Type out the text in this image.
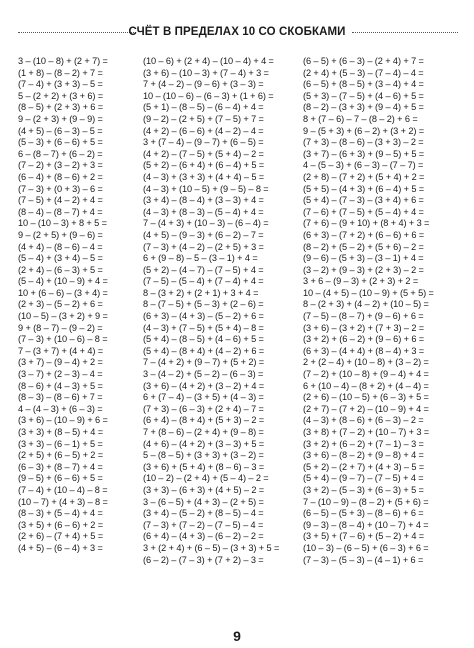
СЧЁТ В ПРЕДЕЛАХ 10 СО СКОБКАМИ
3 – (10 – 8) + (2 + 7) =
(1 + 8) – (8 – 2) + 7 =
(7 – 4) + (3 + 3) – 5 =
5 – (2 + 2) + (3 + 6) =
(8 – 5) + (2 + 3) + 6 =
9 – (2 + 3) + (9 – 9) =
(4 + 5) – (6 – 3) – 5 =
(5 – 3) + (6 – 6) + 5 =
6 – (8 – 7) + (6 – 2) =
(7 – 2) + (3 – 2) + 3 =
(6 – 4) + (8 – 6) + 2 =
(7 – 3) + (0 + 3) – 6 =
(7 – 5) + (4 – 2) + 4 =
(8 – 4) – (8 – 7) + 4 =
10 – (10 – 3) + 8 + 5 =
9 – (2 + 5) + (9 – 6) =
(4 + 4) – (8 – 6) – 4 =
(5 – 4) + (3 + 4) – 5 =
(2 + 4) – (6 – 3) + 5 =
(5 – 4) + (10 – 9) + 4 =
10 + (6 – 6) – (3 + 4) =
(2 + 3) – (5 – 2) + 6 =
(10 – 5) – (3 + 2) + 9 =
9 + (8 – 7) – (9 – 2) =
(7 – 3) + (10 – 6) – 8 =
7 – (3 + 7) + (4 + 4) =
(3 + 7) – (9 – 4) + 2 =
(3 – 7) + (2 – 3) – 4 =
(8 – 6) + (4 – 3) + 5 =
(8 – 3) – (8 – 6) + 7 =
4 – (4 – 3) + (6 – 3) =
(3 + 6) – (10 – 9) + 6 =
(3 + 3) + (8 – 5) + 4 =
(3 + 3) – (6 – 1) + 5 =
(2 + 5) + (6 – 5) + 2 =
(6 – 3) + (8 – 7) + 4 =
(9 – 5) + (6 – 6) + 5 =
(7 – 4) + (10 – 4) – 8 =
(10 – 7) + (4 + 3) – 8 =
(8 – 3) + (5 – 4) + 4 =
(3 + 5) + (6 – 6) + 2 =
(2 + 6) – (7 + 4) + 5 =
(4 + 5) – (6 – 4) + 3 =
(10 – 6) + (2 + 4) – (10 – 4) + 4 =
(3 + 6) – (10 – 3) + (7 – 4) + 3 =
7 + (4 – 2) – (9 – 6) + (3 – 3) =
10 – (10 – 6) – (6 – 3) + (1 + 6) =
(5 + 1) – (8 – 5) – (6 – 4) + 4 =
(9 – 2) – (2 + 5) + (7 – 5) + 7 =
(4 + 2) – (6 – 6) + (4 – 2) – 4 =
3 + (7 – 4) – (9 – 7) + (6 – 5) =
(4 + 2) – (7 – 5) + (5 + 4) – 2 =
(5 + 2) – (6 + 4) + (6 – 4) + 5 =
(4 – 3) + (3 + 3) + (4 + 4) – 5 =
(4 – 3) + (10 – 5) + (9 – 5) – 8 =
(3 + 4) – (8 – 4) + (3 – 3) + 4 =
(4 – 3) + (8 – 3) – (5 – 4) + 4 =
7 – (4 + 3) + (10 – 3) – (6 – 4) =
(4 + 5) – (9 – 3) + (6 – 2) – 7 =
(7 – 3) + (4 – 2) – (2 + 5) + 3 =
6 + (9 – 8) – 5 – (3 – 1) + 4 =
(5 + 2) – (4 – 7) – (7 – 5) + 4 =
(7 – 5) – (5 – 4) + (7 – 4) + 4 =
8 – (3 + 2) + (2 + 1) + 3 + 4 =
8 – (7 – 5) + (5 – 3) + (2 – 6) =
(6 + 3) – (4 + 3) – (5 – 2) + 6 =
(4 – 3) + (7 – 5) + (5 + 4) – 8 =
(5 + 4) – (8 – 5) + (4 – 6) + 5 =
(5 + 4) – (8 + 4) + (4 – 2) + 6 =
7 – (4 + 2) + (9 – 7) + (5 + 2) =
3 – (4 – 2) + (5 – 2) – (6 – 3) =
(3 + 6) – (4 + 2) + (3 – 2) + 4 =
6 + (7 – 4) – (3 + 5) + (4 – 3) =
(7 + 3) – (6 – 3) + (2 + 4) – 7 =
(6 + 4) – (8 + 4) + (5 + 3) – 2 =
7 + (8 – 6) – (2 + 4) + (9 – 8) =
(4 + 6) – (4 + 2) + (3 – 3) + 5 =
5 – (8 – 5) + (3 + 3) + (3 – 2) =
(3 + 6) + (5 + 4) + (8 – 6) – 3 =
(10 – 2) – (2 + 4) + (5 – 4) – 2 =
(3 + 3) – (6 + 3) + (4 + 5) – 2 =
3 – (6 – 5) + (4 + 3) – (2 + 5) =
(3 + 4) – (5 – 2) + (8 – 5) – 4 =
(7 – 3) + (7 – 2) – (7 – 5) – 4 =
(6 + 4) – (4 + 3) – (6 – 2) – 2 =
3 + (2 + 4) + (6 – 5) – (3 + 3) + 5 =
(6 – 2) – (7 – 3) + (7 + 2) – 3 =
(6 – 5) + (6 – 3) – (2 + 4) + 7 =
(2 + 4) + (5 – 3) – (7 – 4) – 4 =
(6 – 5) + (8 – 5) + (3 – 4) + 4 =
(5 + 3) – (7 – 5) + (4 – 6) + 5 =
(8 – 2) – (3 + 3) + (9 – 4) + 5 =
8 + (7 – 6) – 7 – (8 – 2) + 6 =
9 – (5 + 3) + (6 – 2) + (3 + 2) =
(7 + 3) – (8 – 6) – (3 + 3) – 2 =
(3 + 7) – (6 + 3) + (9 – 5) + 5 =
4 – (5 – 3) + (6 – 3) – (7 – 7) =
(2 + 8) – (7 + 2) + (5 + 4) + 2 =
(5 + 5) – (4 + 3) + (6 – 4) + 5 =
(5 + 4) – (7 – 3) – (3 + 4) + 6 =
(7 – 6) + (7 – 5) + (5 – 4) + 4 =
(7 + 6) – (9 + 10) + (8 + 4) + 3 =
(6 + 3) – (7 + 2) + (6 – 6) + 6 =
(8 – 2) + (5 – 2) + (5 + 6) – 2 =
(9 – 6) – (5 + 3) – (3 – 1) + 4 =
(3 – 2) + (9 – 3) + (2 + 3) – 2 =
3 + 6 – (9 – 3) + (2 + 3) + 2 =
10 – (4 + 5) – (10 – 9) + (5 + 5) =
8 – (2 + 3) + (4 – 2) + (10 – 5) =
(7 – 5) – (8 – 7) + (9 – 6) + 6 =
(3 + 6) – (3 + 2) + (7 + 3) – 2 =
(3 + 2) + (6 – 2) + (9 – 6) + 6 =
(6 + 3) – (4 + 4) + (8 – 4) + 3 =
2 + (2 – 4) + (10 – 8) + (3 – 2) =
(7 – 2) + (10 – 8) + (9 – 4) + 4 =
6 + (10 – 4) – (8 + 2) + (4 – 4) =
(2 + 6) – (10 – 5) + (6 – 3) + 5 =
(2 + 7) – (7 + 2) – (10 – 9) + 4 =
(4 – 3) + (8 – 6) + (6 – 3) – 2 =
(3 + 8) + (7 – 2) + (10 – 7) + 3 =
(3 + 2) + (6 – 2) + (7 – 1) – 3 =
(3 + 6) – (8 – 2) + (9 – 8) + 4 =
(5 + 2) – (2 + 7) + (4 + 3) – 5 =
(5 + 4) – (9 – 7) – (7 – 5) + 4 =
(3 + 2) – (5 – 3) + (6 – 3) + 5 =
7 – (10 – 9) – (8 – 2) + (5 + 6) =
(6 – 5) – (5 + 3) – (8 – 6) + 6 =
(9 – 3) – (8 – 4) + (10 – 7) + 4 =
(3 + 5) + (7 – 6) + (5 – 2) + 4 =
(10 – 3) – (6 – 5) + (6 – 3) + 6 =
(7 – 3) – (5 – 3) – (4 – 1) + 6 =
9
